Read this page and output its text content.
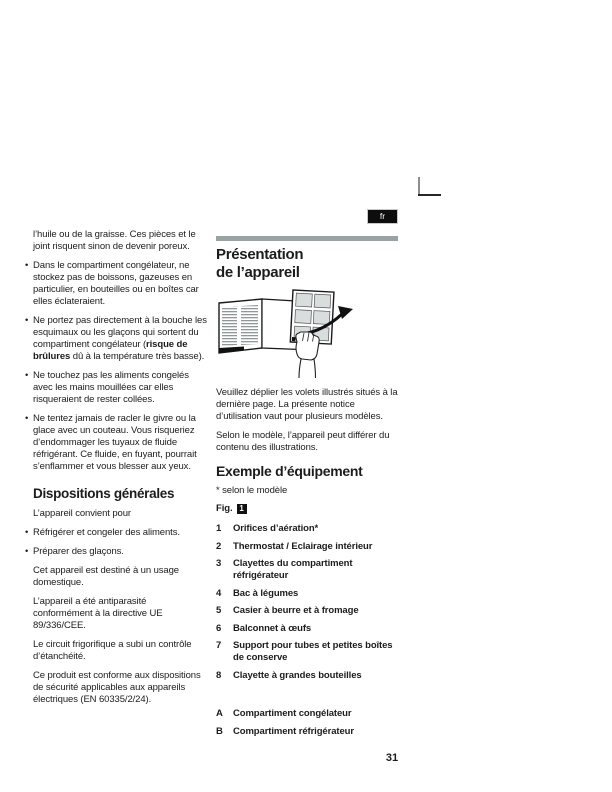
fr

l’huile ou de la graisse. Ces pièces et le joint risquent sinon de devenir poreux.

• Dans le compartiment congélateur, ne stockez pas de boissons, gazeuses en particulier, en bouteilles ou en boîtes car elles éclateraient.

• Ne portez pas directement à la bouche les esquimaux ou les glaçons qui sortent du compartiment congélateur (risque de brûlures dû à la température très basse).

• Ne touchez pas les aliments congelés avec les mains mouillées car elles risqueraient de rester collées.

• Ne tentez jamais de racler le givre ou la glace avec un couteau. Vous risqueriez d’endommager les tuyaux de fluide réfrigérant. Ce fluide, en fuyant, pourrait s’enflammer et vous blesser aux yeux.

Dispositions générales

L’appareil convient pour

• Réfrigérer et congeler des aliments.

• Préparer des glaçons.

Cet appareil est destiné à un usage domestique.

L’appareil a été antiparasité conformément à la directive UE 89/336/CEE.

Le circuit frigorifique a subi un contrôle d’étanchéité.

Ce produit est conforme aux dispositions de sécurité applicables aux appareils électriques (EN 60335/2/24).

Présentation
de l’appareil

Veuillez déplier les volets illustrés situés à la dernière page. La présente notice d’utilisation vaut pour plusieurs modèles.

Selon le modèle, l’appareil peut différer du contenu des illustrations.

Exemple d’équipement

* selon le modèle

Fig. 1
1	Orifices d’aération*
2	Thermostat / Eclairage intérieur
3	Clayettes du compartiment réfrigérateur
4	Bac à légumes
5	Casier à beurre et à fromage
6	Balconnet à œufs
7	Support pour tubes et petites boîtes de conserve
8	Clayette à grandes bouteilles
A	Compartiment congélateur
B	Compartiment réfrigérateur
31
